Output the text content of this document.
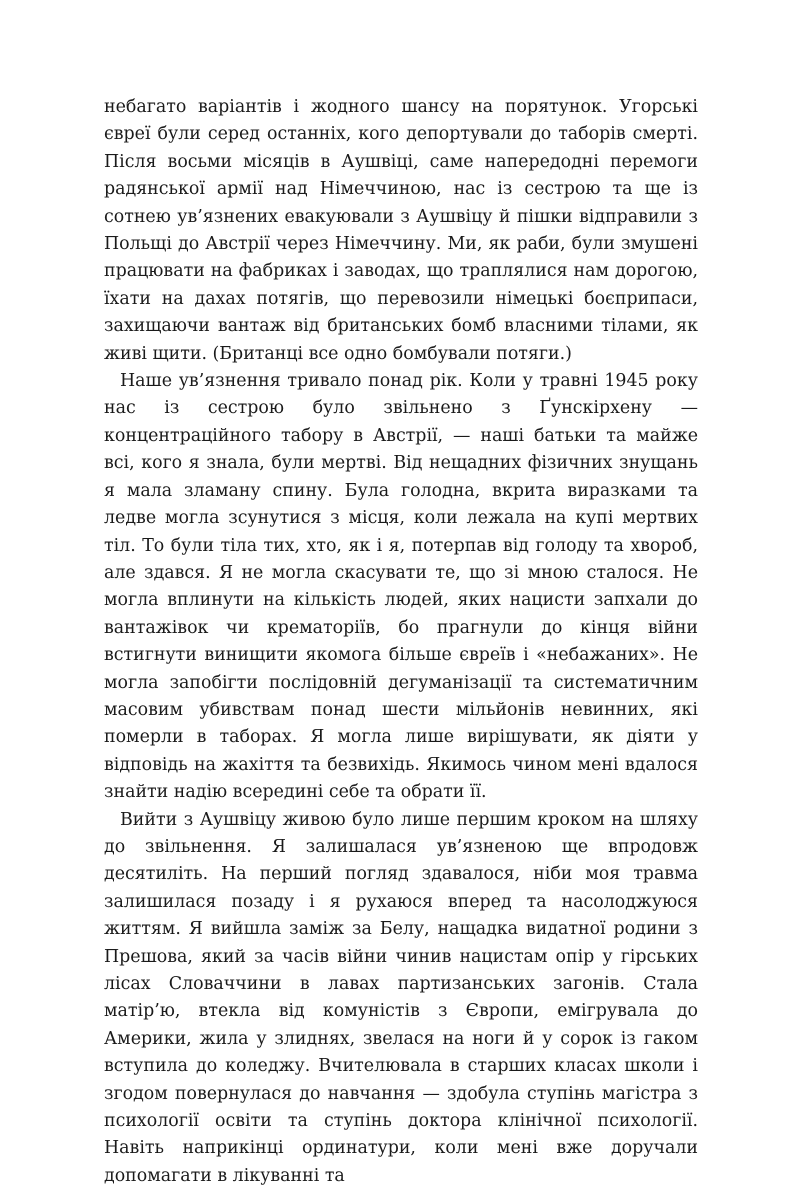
небагато варіантів і жодного шансу на порятунок. Угорські євреї були серед останніх, кого депортували до таборів смерті. Після восьми місяців в Аушвіці, саме напередодні перемоги радянської армії над Німеччиною, нас із сестрою та ще із сотнею ув’язнених евакуювали з Аушвіцу й пішки відправили з Польщі до Австрії через Німеччину. Ми, як раби, були змушені працювати на фабриках і заводах, що траплялися нам дорогою, їхати на дахах потягів, що перевозили німецькі боєприпаси, захищаючи вантаж від британських бомб власними тілами, як живі щити. (Британці все одно бомбували потяги.)

Наше ув’язнення тривало понад рік. Коли у травні 1945 року нас із сестрою було звільнено з Ґунскірхену — концентраційного табору в Австрії, — наші батьки та майже всі, кого я знала, були мертві. Від нещадних фізичних знущань я мала зламану спину. Була голодна, вкрита виразками та ледве могла зсунутися з місця, коли лежала на купі мертвих тіл. То були тіла тих, хто, як і я, потерпав від голоду та хвороб, але здався. Я не могла скасувати те, що зі мною сталося. Не могла вплинути на кількість людей, яких нацисти запхали до вантажівок чи крематоріїв, бо прагнули до кінця війни встигнути винищити якомога більше євреїв і «небажаних». Не могла запобігти послідовній дегуманізації та систематичним масовим убивствам понад шести мільйонів невинних, які померли в таборах. Я могла лише вирішувати, як діяти у відповідь на жахіття та безвихідь. Якимось чином мені вдалося знайти надію всередині себе та обрати її.

Вийти з Аушвіцу живою було лише першим кроком на шляху до звільнення. Я залишалася ув’язненою ще впродовж десятиліть. На перший погляд здавалося, ніби моя травма залишилася позаду і я рухаюся вперед та насолоджуюся життям. Я вийшла заміж за Белу, нащадка видатної родини з Прешова, який за часів війни чинив нацистам опір у гірських лісах Словаччини в лавах партизанських загонів. Стала матір’ю, втекла від комуністів з Європи, емігрувала до Америки, жила у злиднях, звелася на ноги й у сорок із гаком вступила до коледжу. Вчителювала в старших класах школи і згодом повернулася до навчання — здобула ступінь магістра з психології освіти та ступінь доктора клінічної психології. Навіть наприкінці ординатури, коли мені вже доручали допомагати в лікуванні та
